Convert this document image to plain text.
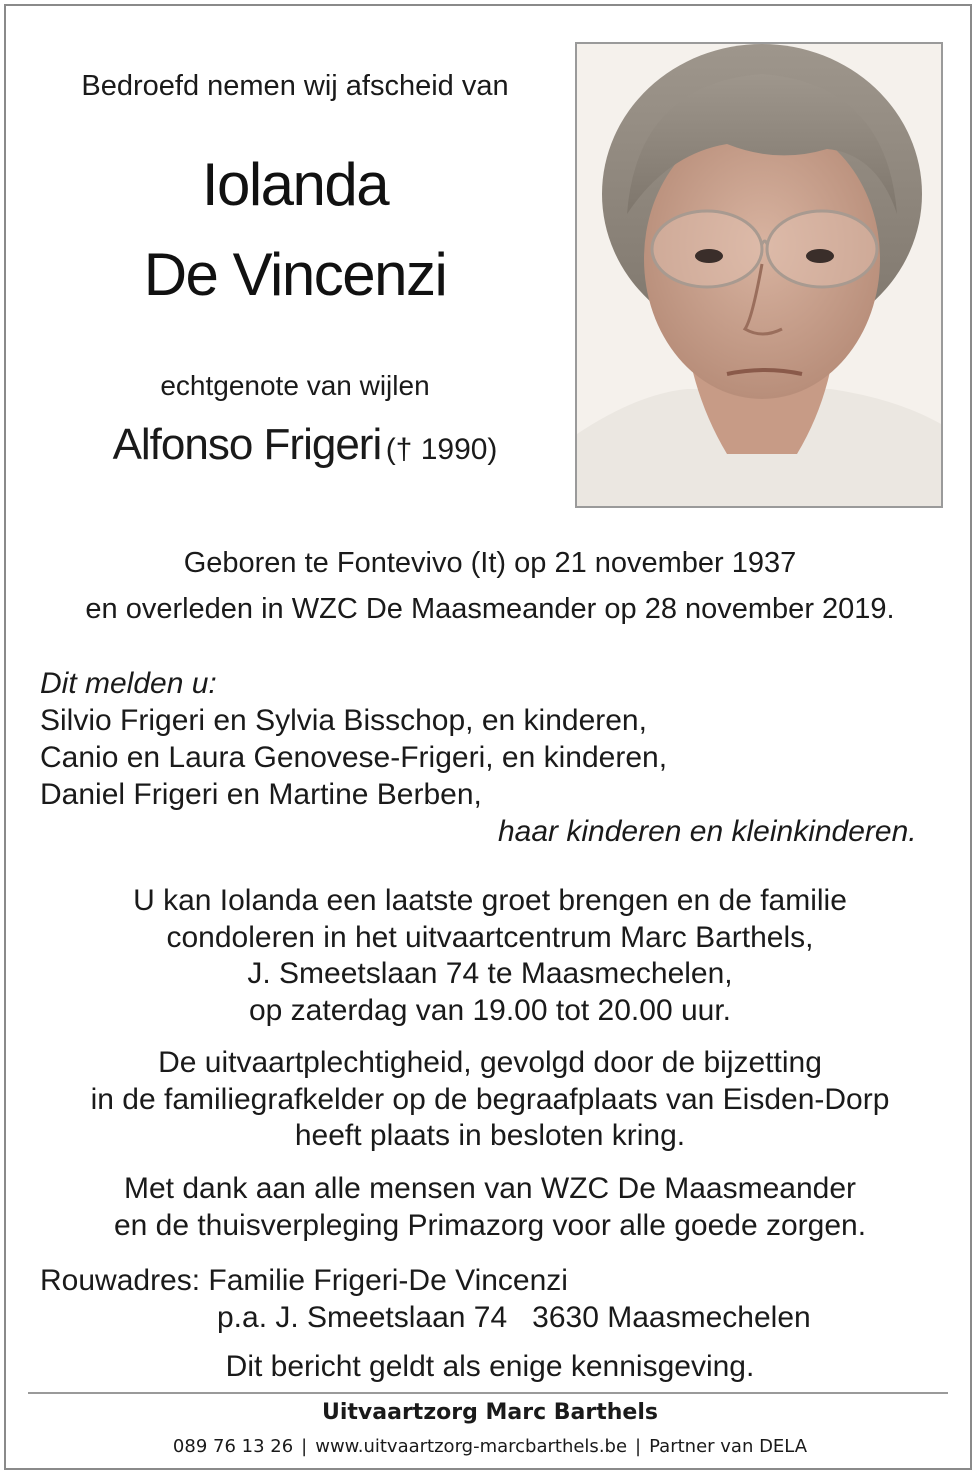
Bedroefd nemen wij afscheid van
Iolanda
De Vincenzi
echtgenote van wijlen
Alfonso Frigeri († 1990)
Geboren te Fontevivo (It) op 21 november 1937
en overleden in WZC De Maasmeander op 28 november 2019.
Dit melden u:
Silvio Frigeri en Sylvia Bisschop, en kinderen,
Canio en Laura Genovese-Frigeri, en kinderen,
Daniel Frigeri en Martine Berben,
haar kinderen en kleinkinderen.
U kan Iolanda een laatste groet brengen en de familie
condoleren in het uitvaartcentrum Marc Barthels,
J. Smeetslaan 74 te Maasmechelen,
op zaterdag van 19.00 tot 20.00 uur.
De uitvaartplechtigheid, gevolgd door de bijzetting
in de familiegrafkelder op de begraafplaats van Eisden-Dorp
heeft plaats in besloten kring.
Met dank aan alle mensen van WZC De Maasmeander
en de thuisverpleging Primazorg voor alle goede zorgen.
Rouwadres: Familie Frigeri-De Vincenzi
p.a. J. Smeetslaan 74   3630 Maasmechelen
Dit bericht geldt als enige kennisgeving.
Uitvaartzorg Marc Barthels
089 76 13 26 | www.uitvaartzorg-marcbarthels.be | Partner van DELA
